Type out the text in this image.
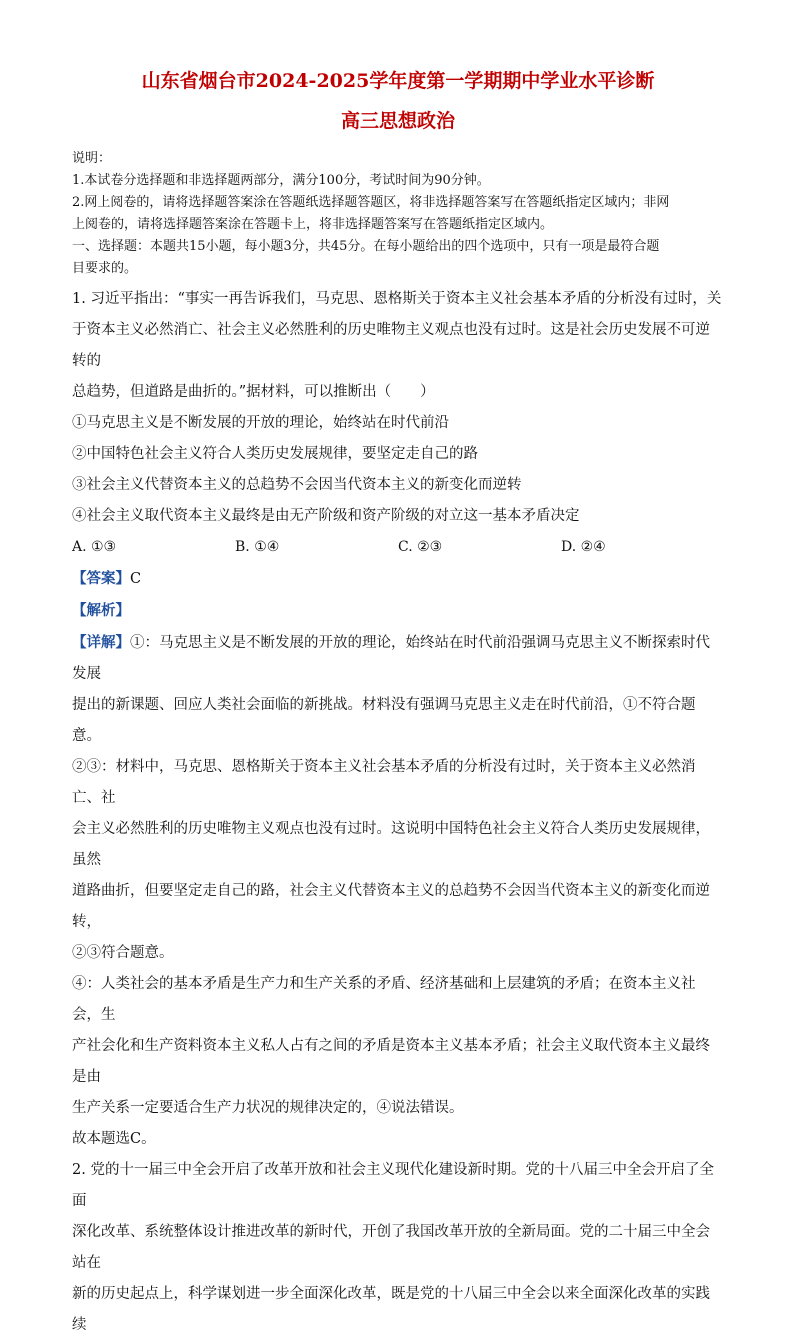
山东省烟台市2024-2025学年度第一学期期中学业水平诊断
高三思想政治

说明：

1.本试卷分选择题和非选择题两部分，满分100分，考试时间为90分钟。

2.网上阅卷的，请将选择题答案涂在答题纸选择题答题区，将非选择题答案写在答题纸指定区域内；非网

上阅卷的，请将选择题答案涂在答题卡上，将非选择题答案写在答题纸指定区域内。

一、选择题：本题共15小题，每小题3分，共45分。在每小题给出的四个选项中，只有一项是最符合题

目要求的。

1. 习近平指出：“事实一再告诉我们，马克思、恩格斯关于资本主义社会基本矛盾的分析没有过时，关

于资本主义必然消亡、社会主义必然胜利的历史唯物主义观点也没有过时。这是社会历史发展不可逆转的

总趋势，但道路是曲折的。”据材料，可以推断出（　　）

①马克思主义是不断发展的开放的理论，始终站在时代前沿

②中国特色社会主义符合人类历史发展规律，要坚定走自己的路

③社会主义代替资本主义的总趋势不会因当代资本主义的新变化而逆转

④社会主义取代资本主义最终是由无产阶级和资产阶级的对立这一基本矛盾决定

A. ①③	B. ①④	C. ②③	D. ②④

【答案】C

【解析】

【详解】①：马克思主义是不断发展的开放的理论，始终站在时代前沿强调马克思主义不断探索时代发展

提出的新课题、回应人类社会面临的新挑战。材料没有强调马克思主义走在时代前沿，①不符合题意。

②③：材料中，马克思、恩格斯关于资本主义社会基本矛盾的分析没有过时，关于资本主义必然消亡、社

会主义必然胜利的历史唯物主义观点也没有过时。这说明中国特色社会主义符合人类历史发展规律，虽然

道路曲折，但要坚定走自己的路，社会主义代替资本主义的总趋势不会因当代资本主义的新变化而逆转，

②③符合题意。

④：人类社会的基本矛盾是生产力和生产关系的矛盾、经济基础和上层建筑的矛盾；在资本主义社会，生

产社会化和生产资料资本主义私人占有之间的矛盾是资本主义基本矛盾；社会主义取代资本主义最终是由

生产关系一定要适合生产力状况的规律决定的，④说法错误。

故本题选C。

2. 党的十一届三中全会开启了改革开放和社会主义现代化建设新时期。党的十八届三中全会开启了全面

深化改革、系统整体设计推进改革的新时代，开创了我国改革开放的全新局面。党的二十届三中全会站在

新的历史起点上，科学谋划进一步全面深化改革，既是党的十八届三中全会以来全面深化改革的实践续
